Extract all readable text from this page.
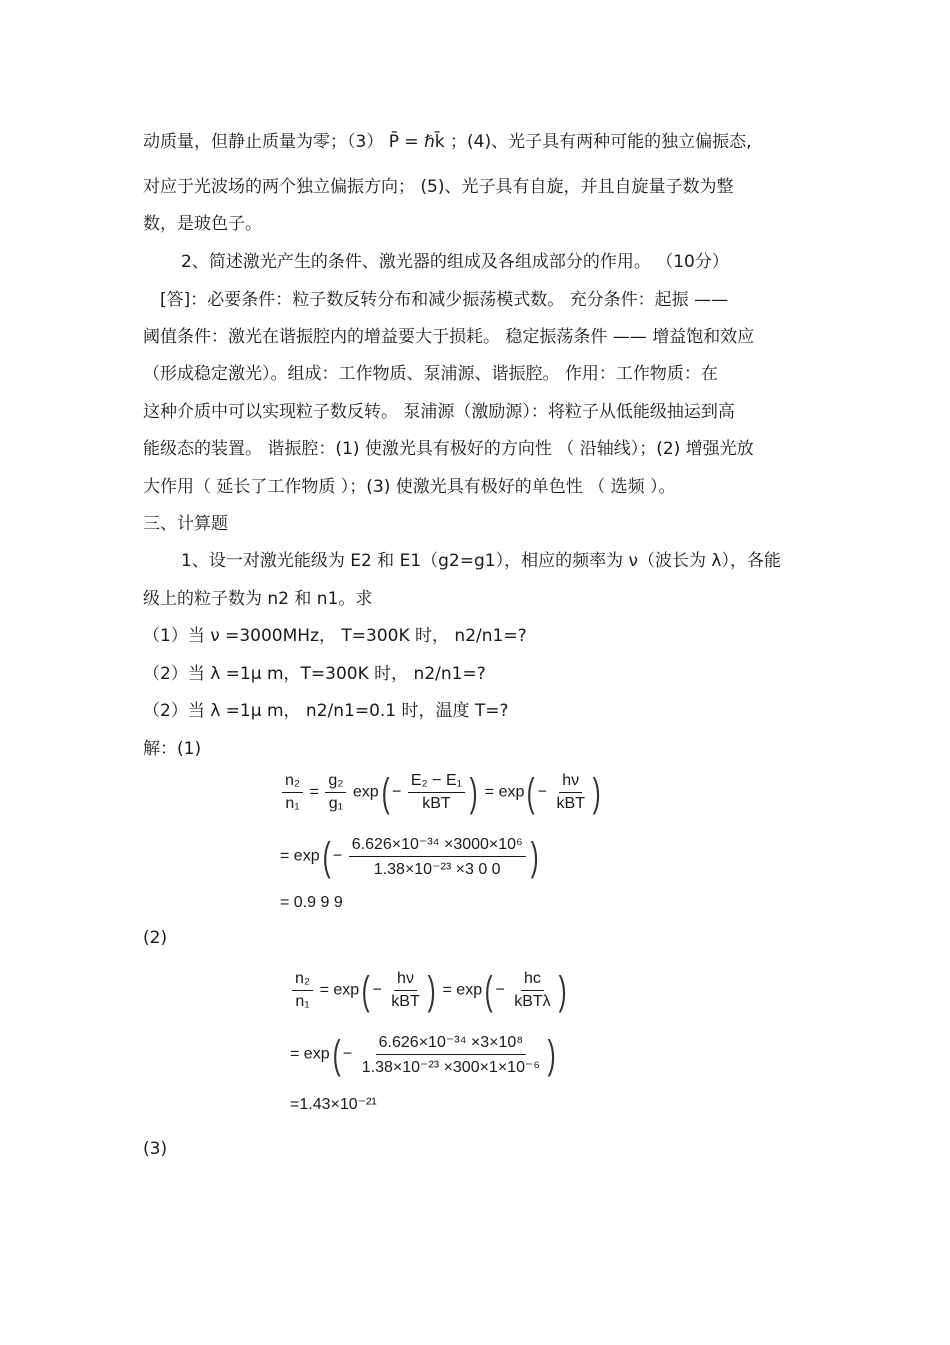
动质量，但静止质量为零；（3） P̄ = ℏk̄ ；(4)、光子具有两种可能的独立偏振态,
对应于光波场的两个独立偏振方向； (5)、光子具有自旋，并且自旋量子数为整
数，是玻色子。
2、简述激光产生的条件、激光器的组成及各组成部分的作用。 （10分）
[答]：必要条件：粒子数反转分布和减少振荡模式数。 充分条件：起振 ——
阈值条件：激光在谐振腔内的增益要大于损耗。 稳定振荡条件 —— 增益饱和效应
（形成稳定激光）。组成：工作物质、泵浦源、谐振腔。 作用：工作物质：在
这种介质中可以实现粒子数反转。 泵浦源（激励源）：将粒子从低能级抽运到高
能级态的装置。 谐振腔：(1) 使激光具有极好的方向性 （ 沿轴线）；(2) 增强光放
大作用（ 延长了工作物质 ）；(3) 使激光具有极好的单色性 （ 选频 ）。
三、计算题
1、设一对激光能级为 E2 和 E1（g2=g1），相应的频率为 ν（波长为 λ），各能
级上的粒子数为 n2 和 n1。求
（1）当 ν =3000MHz， T=300K 时， n2/n1=?
（2）当 λ =1μ m，T=300K 时， n2/n1=?
（2）当 λ =1μ m， n2/n1=0.1 时，温度 T=?
解：(1)
$\frac{\text{n₂}}{\text{n₁}} = \frac{\text{g₂}}{\text{g₁}} \exp( - \frac{\text{E₂ − E₁}}{\text{kBT}}$ ) = $\exp( - \frac{h\nu}{\text{kBT}}$ )
= $\exp( - \frac{\text{6.626×10⁻³⁴ ×3000×10⁶}}{\text{1.38×10⁻²³ ×3 0 0}}$ )
= 0.9 9 9
(2)
$\frac{\text{n₂}}{\text{n₁}} = \exp( - \frac{h\nu}{\text{kBT}}$ ) = $\exp( - \frac{hc}{\text{kBTλ}}$ )
= $\exp( - \frac{\text{6.626×10⁻³⁴ ×3×10⁸}}{\text{1.38×10⁻²³ ×300×1×10⁻⁶}}$ )
=1.43×10⁻²¹
(3)
